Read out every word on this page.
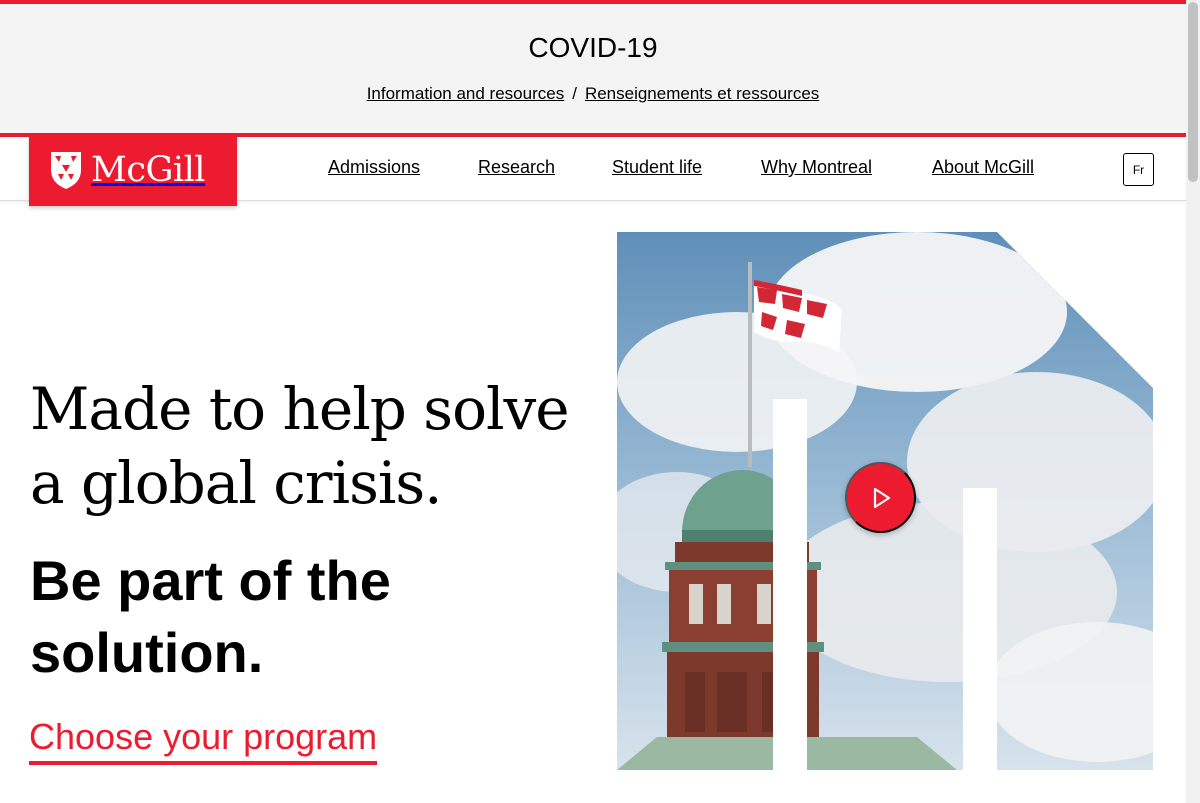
COVID-19
Information and resources / Renseignements et ressources
McGill	Admissions	Research	Student life	Why Montreal	About McGill	Fr
Made to help solve a global crisis.
Be part of the solution.
Choose your program
